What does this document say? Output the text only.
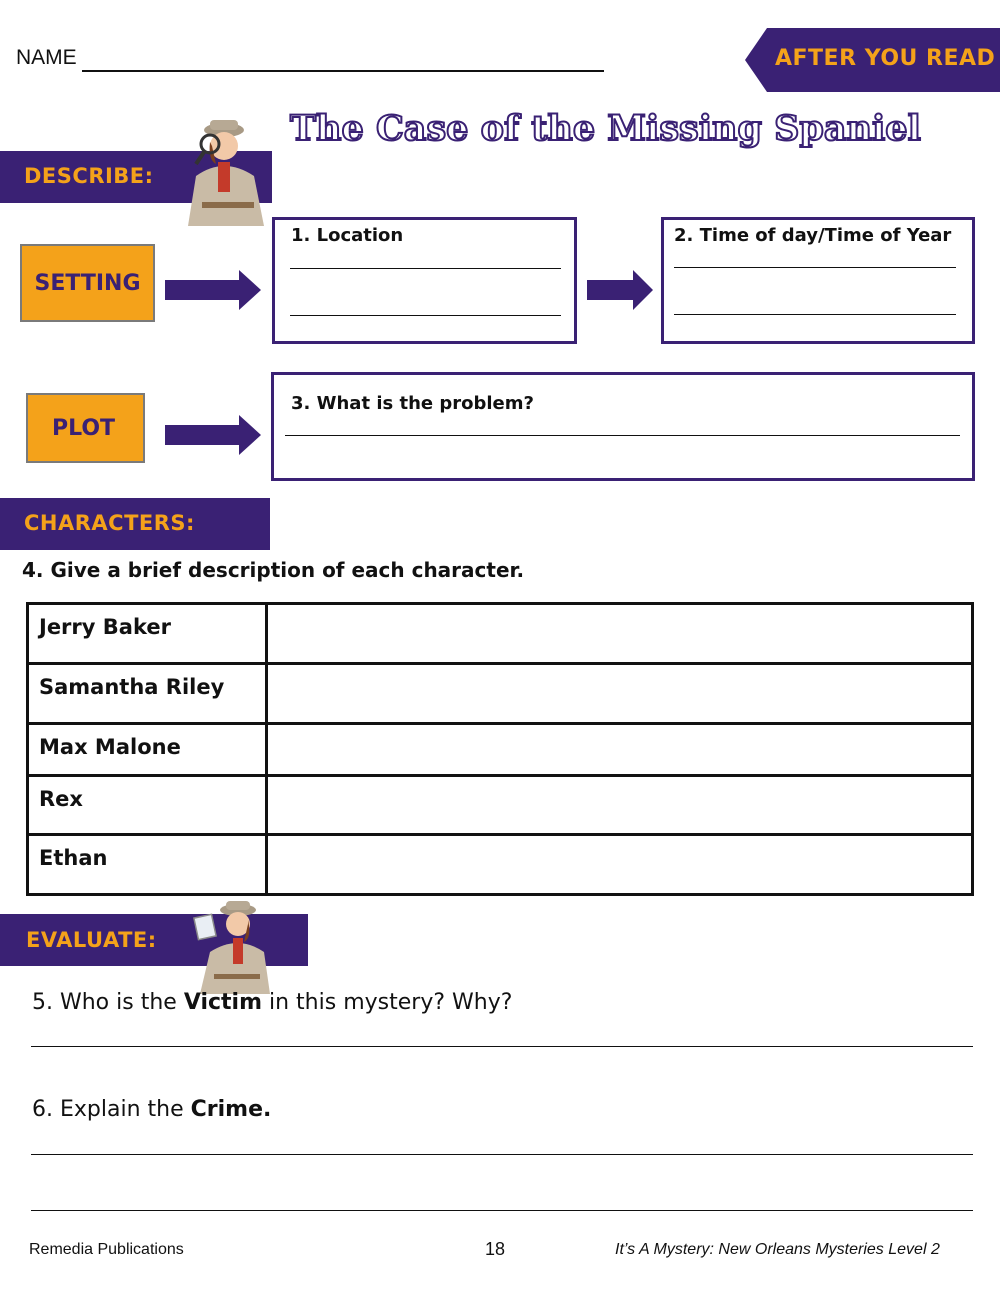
NAME	AFTER YOU READ
The Case of the Missing Spaniel
DESCRIBE:
SETTING
1. Location	2. Time of day/Time of Year
PLOT
3. What is the problem?
CHARACTERS:
4. Give a brief description of each character.
Jerry Baker	
Samantha Riley	
Max Malone	
Rex	
Ethan	
EVALUATE:
5. Who is the Victim in this mystery? Why?
6. Explain the Crime.
Remedia Publications	18	It’s A Mystery: New Orleans Mysteries Level 2
